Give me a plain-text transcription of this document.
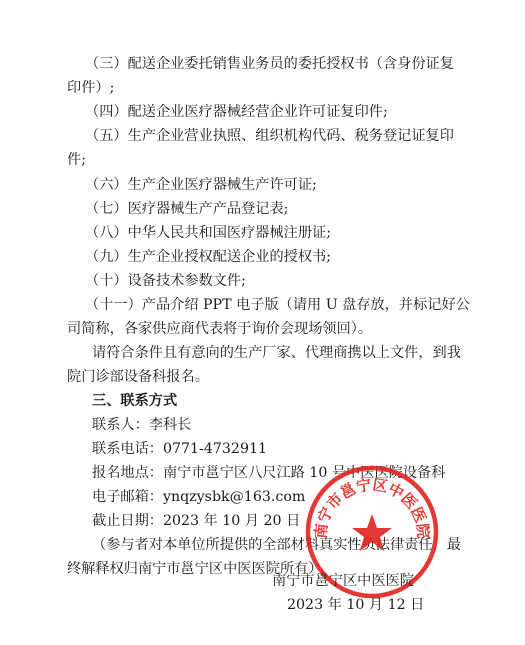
（三）配送企业委托销售业务员的委托授权书（含身份证复
印件）;
（四）配送企业医疗器械经营企业许可证复印件;
（五）生产企业营业执照、组织机构代码、税务登记证复印
件;
（六）生产企业医疗器械生产许可证;
（七）医疗器械生产产品登记表;
（八）中华人民共和国医疗器械注册证;
（九）生产企业授权配送企业的授权书;
（十）设备技术参数文件;
（十一）产品介绍 PPT 电子版（请用 U 盘存放，并标记好公
司简称，各家供应商代表将于询价会现场领回）。
请符合条件且有意向的生产厂家、代理商携以上文件，到我
院门诊部设备科报名。
三、联系方式
联系人：李科长
联系电话：0771-4732911
报名地点：南宁市邕宁区八尺江路 10 号中医医院设备科
电子邮箱：ynqzysbk@163.com
截止日期：2023 年 10 月 20 日
（参与者对本单位所提供的全部材料真实性负法律责任，最
终解释权归南宁市邕宁区中医医院所有）
南宁市邕宁区中医医院
南宁市邕宁区中医医院
2023 年 10 月 12 日
